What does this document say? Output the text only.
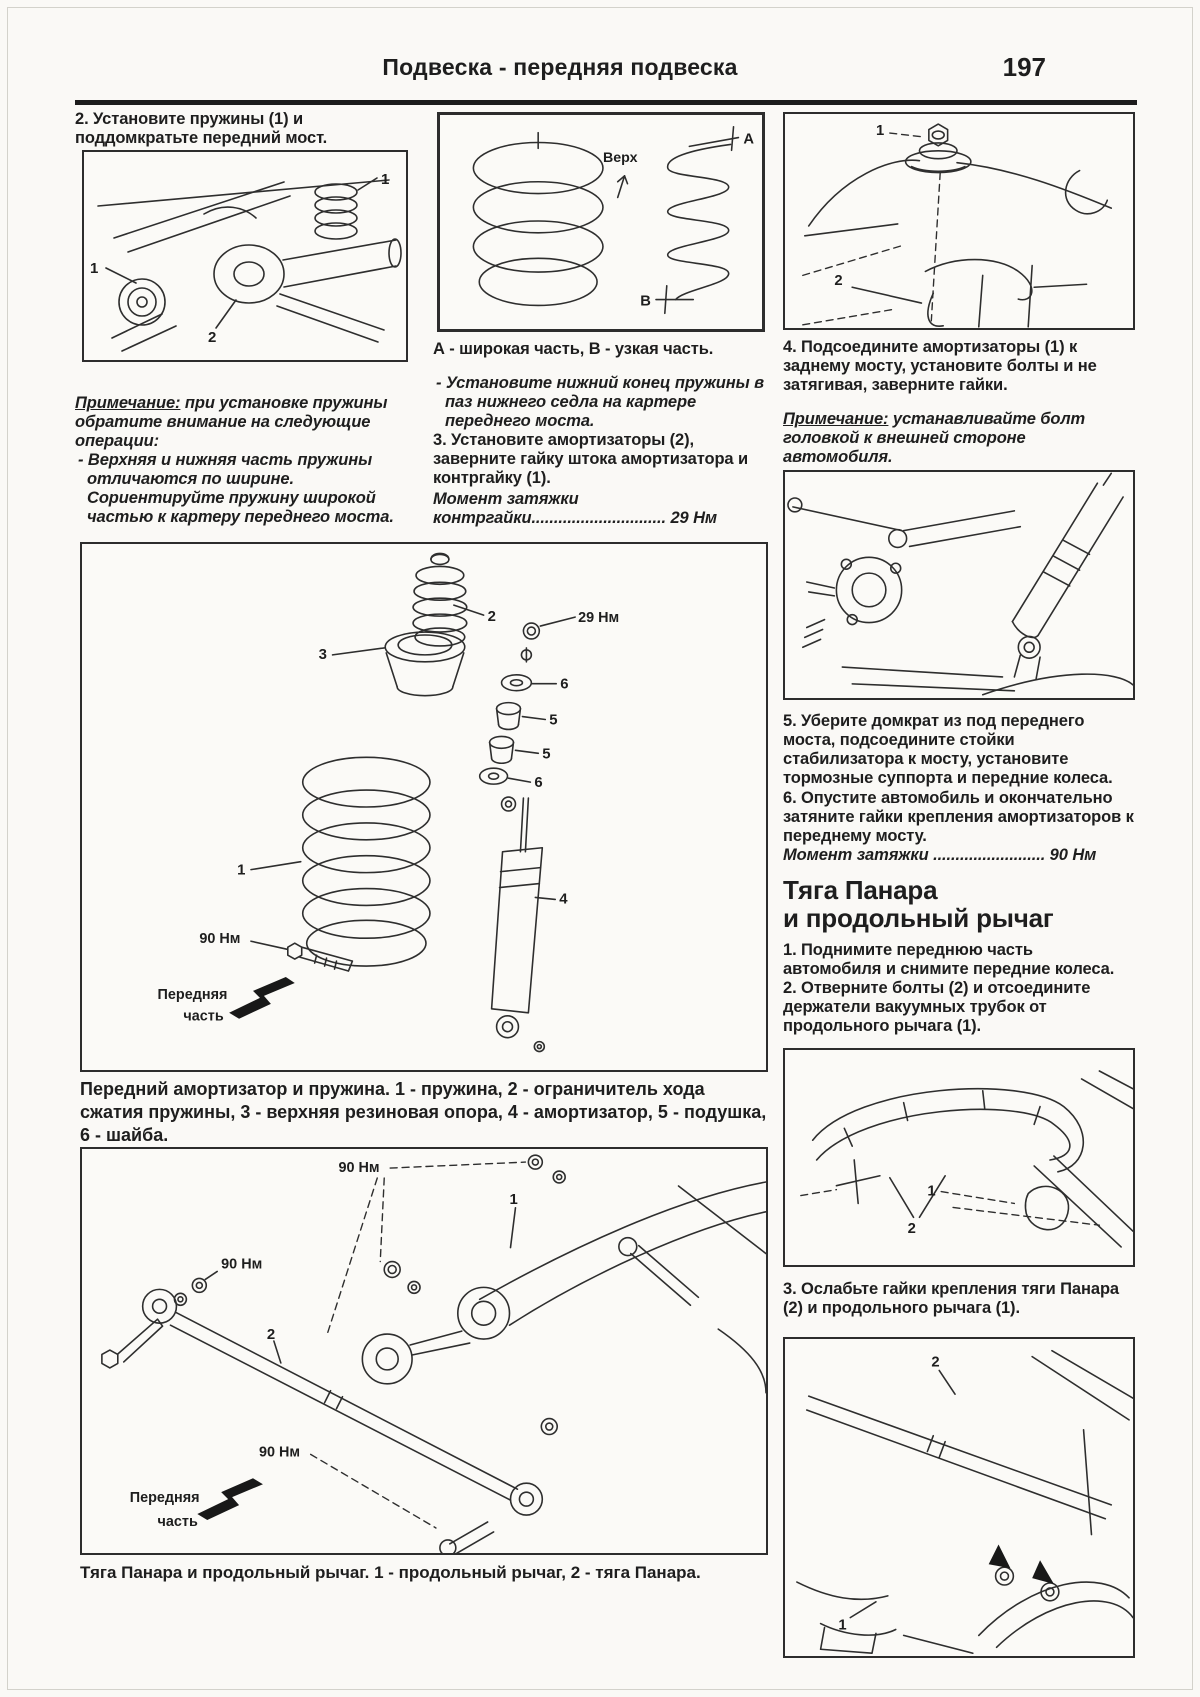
Подвеска - передняя подвеска	197
2. Установите пружины (1) и поддомкратьте передний мост.
1
1
2
Примечание: при установке пружины обратите внимание на следующие операции:
- Верхняя и нижняя часть пружины отличаются по ширине. Сориентируйте пружину широкой частью к картеру переднего моста.
Верх
A
B
А - широкая часть, В - узкая часть.
- Установите нижний конец пружины в паз нижнего седла на картере переднего моста.
3. Установите амортизаторы (2), заверните гайку штока амортизатора и контргайку (1).
Момент затяжки
контргайки.............................. 29 Нм
1
2
4. Подсоедините амортизаторы (1) к заднему мосту, установите болты и не затягивая, заверните гайки.
Примечание: устанавливайте болт головкой к внешней стороне автомобиля.
5. Уберите домкрат из под переднего моста, подсоедините стойки стабилизатора к мосту, установите тормозные суппорта и передние колеса.
6. Опустите автомобиль и окончательно затяните гайки крепления амортизаторов к переднему мосту.
Момент затяжки ......................... 90 Нм
Тяга Панара
и продольный рычаг
1. Поднимите переднюю часть автомобиля и снимите передние колеса.
2. Отверните болты (2) и отсоедините держатели вакуумных трубок от продольного рычага (1).
1
2
3. Ослабьте гайки крепления тяги Панара (2) и продольного рычага (1).
2
1
2
3
29 Нм
6
5
5
6
1
4
90 Нм
Передняя
часть
Передний амортизатор и пружина. 1 - пружина, 2 - ограничитель хода сжатия пружины, 3 - верхняя резиновая опора, 4 - амортизатор, 5 - подушка, 6 - шайба.
90 Нм
90 Нм
90 Нм
1
2
Передняя
часть
Тяга Панара и продольный рычаг. 1 - продольный рычаг, 2 - тяга Панара.
